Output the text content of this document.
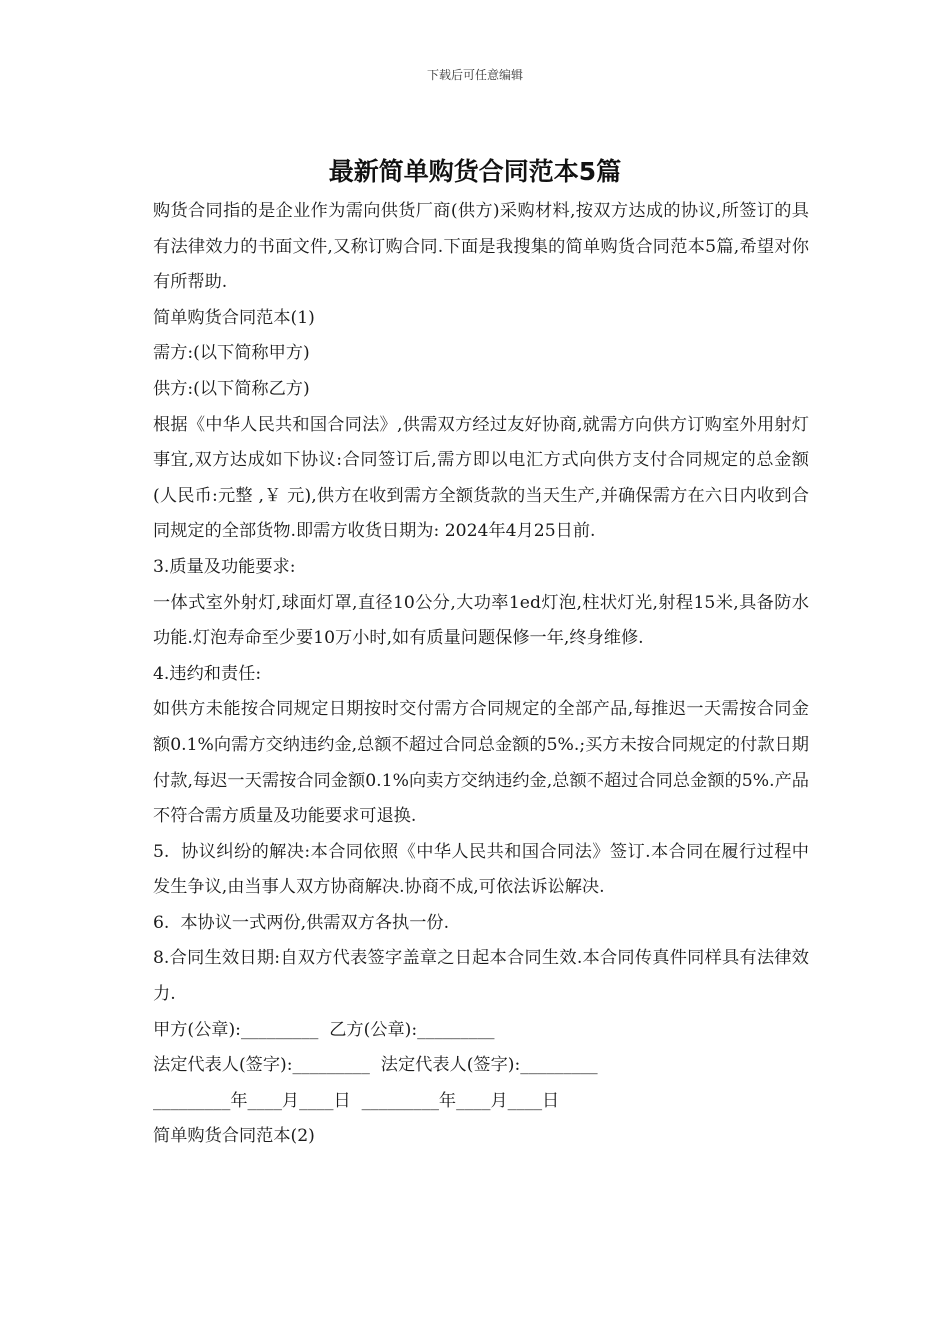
下载后可任意编辑
最新简单购货合同范本5篇

购货合同指的是企业作为需向供货厂商(供方)采购材料,按双方达成的协议,所签订的具有法律效力的书面文件,又称订购合同.下面是我搜集的简单购货合同范本5篇,希望对你有所帮助.

简单购货合同范本(1)

需方:(以下简称甲方)

供方:(以下简称乙方)

根据《中华人民共和国合同法》,供需双方经过友好协商,就需方向供方订购室外用射灯事宜,双方达成如下协议:合同签订后,需方即以电汇方式向供方支付合同规定的总金额(人民币:元整 ,￥ 元),供方在收到需方全额货款的当天生产,并确保需方在六日内收到合同规定的全部货物.即需方收货日期为: 2024年4月25日前.

3.质量及功能要求:

一体式室外射灯,球面灯罩,直径10公分,大功率1ed灯泡,柱状灯光,射程15米,具备防水功能.灯泡寿命至少要10万小时,如有质量问题保修一年,终身维修.

4.违约和责任:

如供方未能按合同规定日期按时交付需方合同规定的全部产品,每推迟一天需按合同金额0.1%向需方交纳违约金,总额不超过合同总金额的5%.;买方未按合同规定的付款日期付款,每迟一天需按合同金额0.1%向卖方交纳违约金,总额不超过合同总金额的5%.产品不符合需方质量及功能要求可退换.

5.  协议纠纷的解决:本合同依照《中华人民共和国合同法》签订.本合同在履行过程中发生争议,由当事人双方协商解决.协商不成,可依法诉讼解决.

6.  本协议一式两份,供需双方各执一份.

8.合同生效日期:自双方代表签字盖章之日起本合同生效.本合同传真件同样具有法律效力.

甲方(公章):_________  乙方(公章):_________

法定代表人(签字):_________  法定代表人(签字):_________

_________年____月____日  _________年____月____日

简单购货合同范本(2)
